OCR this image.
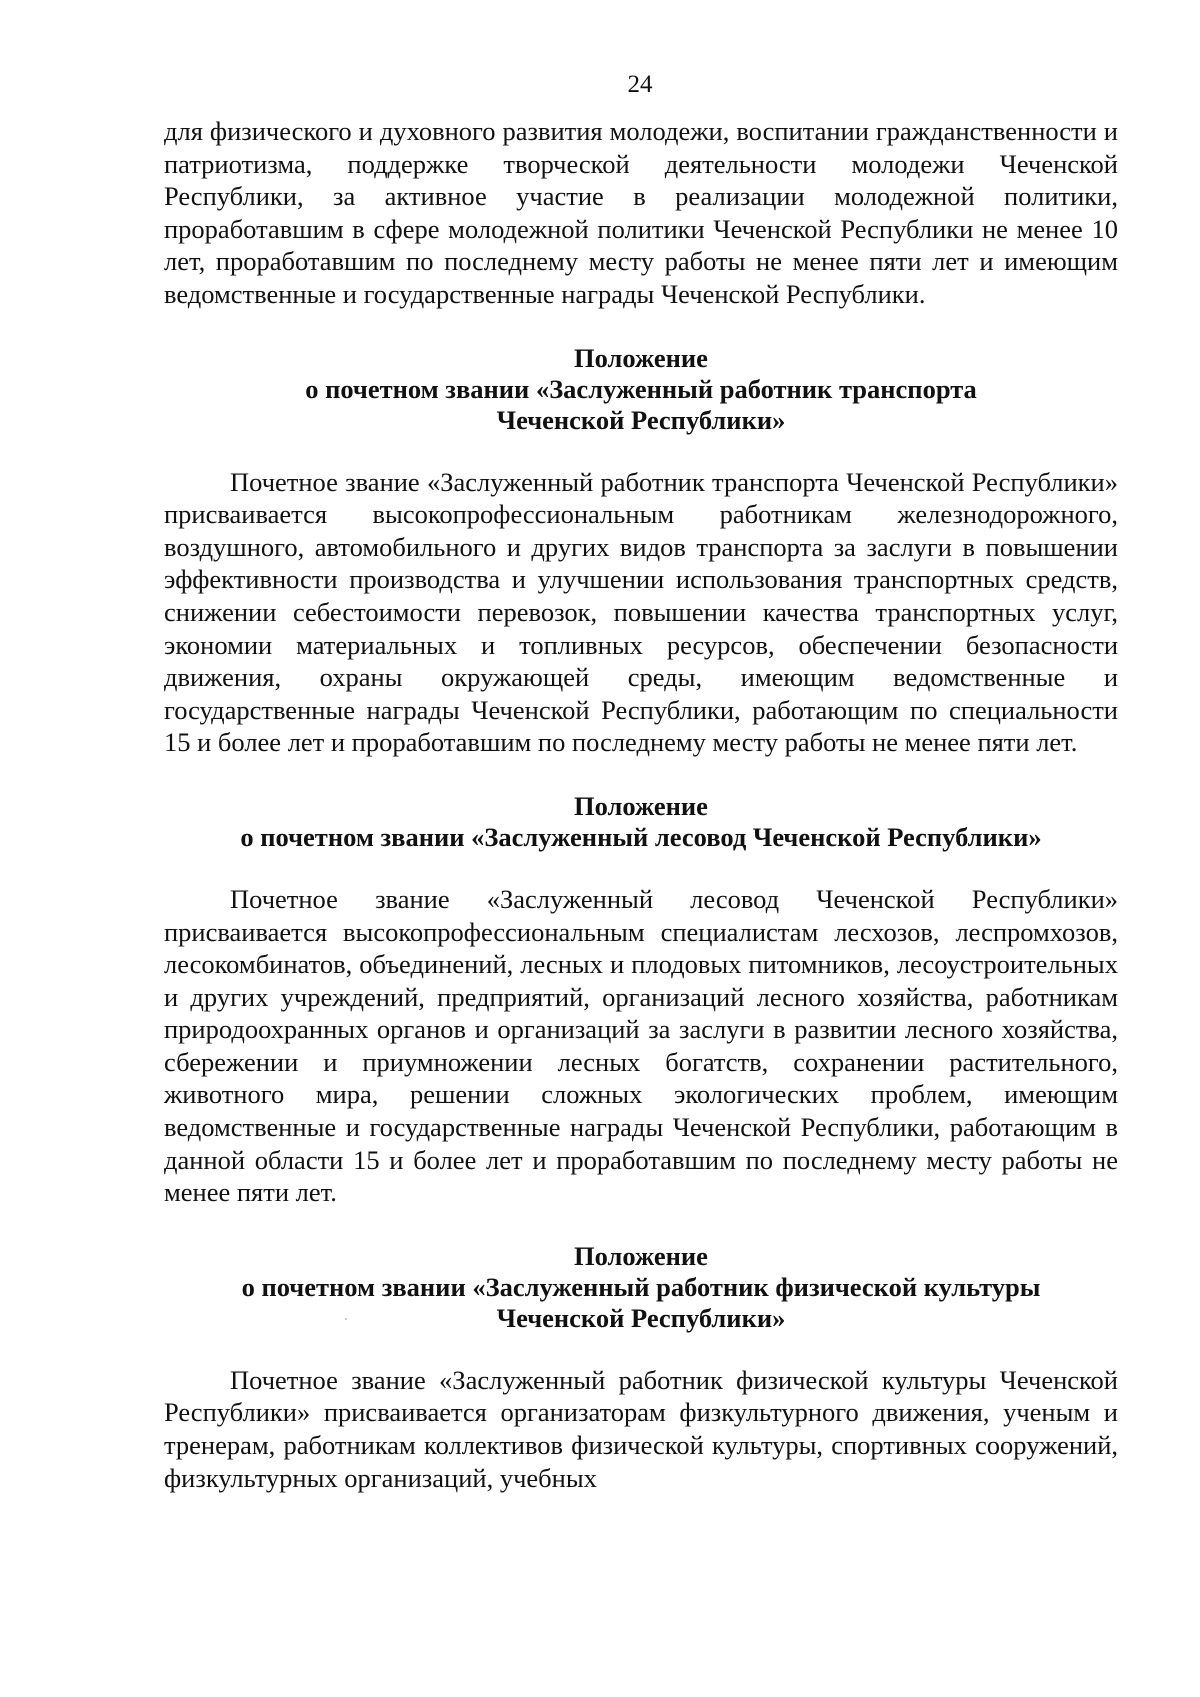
24

для физического и духовного развития молодежи, воспитании гражданственности и патриотизма, поддержке творческой деятельности молодежи Чеченской Республики, за активное участие в реализации молодежной политики, проработавшим в сфере молодежной политики Чеченской Республики не менее 10 лет, проработавшим по последнему месту работы не менее пяти лет и имеющим ведомственные и государственные награды Чеченской Республики.

Положение

о почетном звании «Заслуженный работник транспорта

Чеченской Республики»

Почетное звание «Заслуженный работник транспорта Чеченской Республики» присваивается высокопрофессиональным работникам железнодорожного, воздушного, автомобильного и других видов транспорта за заслуги в повышении эффективности производства и улучшении использования транспортных средств, снижении себестоимости перевозок, повышении качества транспортных услуг, экономии материальных и топливных ресурсов, обеспечении безопасности движения, охраны окружающей среды, имеющим ведомственные и государственные награды Чеченской Республики, работающим по специальности 15 и более лет и проработавшим по последнему месту работы не менее пяти лет.

Положение

о почетном звании «Заслуженный лесовод Чеченской Республики»

Почетное звание «Заслуженный лесовод Чеченской Республики» присваивается высокопрофессиональным специалистам лесхозов, леспромхозов, лесокомбинатов, объединений, лесных и плодовых питомников, лесоустроительных и других учреждений, предприятий, организаций лесного хозяйства, работникам природоохранных органов и организаций за заслуги в развитии лесного хозяйства, сбережении и приумножении лесных богатств, сохранении растительного, животного мира, решении сложных экологических проблем, имеющим ведомственные и государственные награды Чеченской Республики, работающим в данной области 15 и более лет и проработавшим по последнему месту работы не менее пяти лет.

Положение

о почетном звании «Заслуженный работник физической культуры

Чеченской Республики»

Почетное звание «Заслуженный работник физической культуры Чеченской Республики» присваивается организаторам физкультурного движения, ученым и тренерам, работникам коллективов физической культуры, спортивных сооружений, физкультурных организаций, учебных
